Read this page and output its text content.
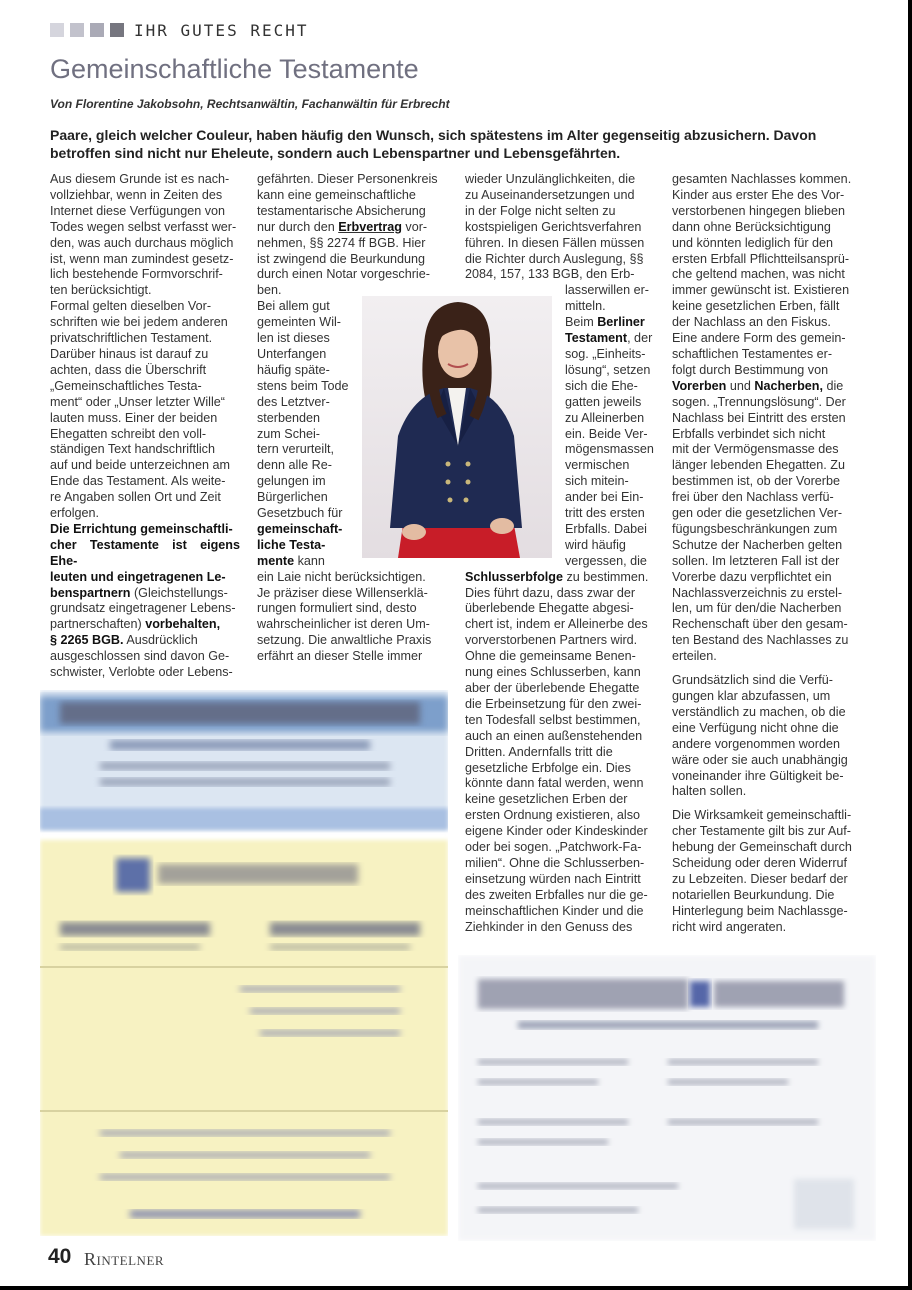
IHR GUTES RECHT
Gemeinschaftliche Testamente
Von Florentine Jakobsohn, Rechtsanwältin, Fachanwältin für Erbrecht
Paare, gleich welcher Couleur, haben häufig den Wunsch, sich spätestens im Alter gegenseitig abzusichern. Davon betroffen sind nicht nur Eheleute, sondern auch Lebenspartner und Lebensgefährten.

Aus diesem Grunde ist es nach-
vollziehbar, wenn in Zeiten des
Internet diese Verfügungen von
Todes wegen selbst verfasst wer-
den, was auch durchaus möglich
ist, wenn man zumindest gesetz-
lich bestehende Formvorschrif-
ten berücksichtigt.

Formal gelten dieselben Vor-
schriften wie bei jedem anderen
privatschriftlichen Testament.
Darüber hinaus ist darauf zu
achten, dass die Überschrift
„Gemeinschaftliches Testa-
ment“ oder „Unser letzter Wille“
lauten muss. Einer der beiden
Ehegatten schreibt den voll-
ständigen Text handschriftlich
auf und beide unterzeichnen am
Ende das Testament. Als weite-
re Angaben sollen Ort und Zeit
erfolgen.

Die Errichtung gemeinschaftli-
cher Testamente ist eigens Ehe-
leuten und eingetragenen Le-
benspartnern (Gleichstellungs-
grundsatz eingetragener Lebens-
partnerschaften) vorbehalten,
§ 2265 BGB. Ausdrücklich
ausgeschlossen sind davon Ge-
schwister, Verlobte oder Lebens-

gefährten. Dieser Personenkreis
kann eine gemeinschaftliche
testamentarische Absicherung
nur durch den Erbvertrag vor-
nehmen, §§ 2274 ff BGB. Hier
ist zwingend die Beurkundung
durch einen Notar vorgeschrie-
ben.

Bei allem gut
gemeinten Wil-
len ist dieses
Unterfangen
häufig späte-
stens beim Tode
des Letztver-
sterbenden
zum Schei-
tern verurteilt,
denn alle Re-
gelungen im
Bürgerlichen
Gesetzbuch für
gemeinschaft-
liche Testa-
mente kann
ein Laie nicht berücksichtigen.
Je präziser diese Willenserklä-
rungen formuliert sind, desto
wahrscheinlicher ist deren Um-
setzung. Die anwaltliche Praxis
erfährt an dieser Stelle immer

wieder Unzulänglichkeiten, die
zu Auseinandersetzungen und
in der Folge nicht selten zu
kostspieligen Gerichtsverfahren
führen. In diesen Fällen müssen
die Richter durch Auslegung, §§
2084, 157, 133 BGB, den Erb-

lasserwillen er-
mitteln.
Beim Berliner
Testament, der
sog. „Einheits-
lösung“, setzen
sich die Ehe-
gatten jeweils
zu Alleinerben
ein. Beide Ver-
mögensmassen
vermischen
sich mitein-
ander bei Ein-
tritt des ersten
Erbfalls. Dabei
wird häufig
vergessen, die

Schlusserbfolge zu bestimmen.
Dies führt dazu, dass zwar der
überlebende Ehegatte abgesi-
chert ist, indem er Alleinerbe des
vorverstorbenen Partners wird.
Ohne die gemeinsame Benen-
nung eines Schlusserben, kann
aber der überlebende Ehegatte
die Erbeinsetzung für den zwei-
ten Todesfall selbst bestimmen,
auch an einen außenstehenden
Dritten. Andernfalls tritt die
gesetzliche Erbfolge ein. Dies
könnte dann fatal werden, wenn
keine gesetzlichen Erben der
ersten Ordnung existieren, also
eigene Kinder oder Kindeskinder
oder bei sogen. „Patchwork-Fa-
milien“. Ohne die Schlusserben-
einsetzung würden nach Eintritt
des zweiten Erbfalles nur die ge-
meinschaftlichen Kinder und die
Ziehkinder in den Genuss des

gesamten Nachlasses kommen.
Kinder aus erster Ehe des Vor-
verstorbenen hingegen blieben
dann ohne Berücksichtigung
und könnten lediglich für den
ersten Erbfall Pflichtteilsansprü-
che geltend machen, was nicht
immer gewünscht ist. Existieren
keine gesetzlichen Erben, fällt
der Nachlass an den Fiskus.

Eine andere Form des gemein-
schaftlichen Testamentes er-
folgt durch Bestimmung von
Vorerben und Nacherben, die
sogen. „Trennungslösung“. Der
Nachlass bei Eintritt des ersten
Erbfalls verbindet sich nicht
mit der Vermögensmasse des
länger lebenden Ehegatten. Zu
bestimmen ist, ob der Vorerbe
frei über den Nachlass verfü-
gen oder die gesetzlichen Ver-
fügungsbeschränkungen zum
Schutze der Nacherben gelten
sollen. Im letzteren Fall ist der
Vorerbe dazu verpflichtet ein
Nachlassverzeichnis zu erstel-
len, um für den/die Nacherben
Rechenschaft über den gesam-
ten Bestand des Nachlasses zu
erteilen.

Grundsätzlich sind die Verfü-
gungen klar abzufassen, um
verständlich zu machen, ob die
eine Verfügung nicht ohne die
andere vorgenommen worden
wäre oder sie auch unabhängig
voneinander ihre Gültigkeit be-
halten sollen.

Die Wirksamkeit gemeinschaftli-
cher Testamente gilt bis zur Auf-
hebung der Gemeinschaft durch
Scheidung oder deren Widerruf
zu Lebzeiten. Dieser bedarf der
notariellen Beurkundung. Die
Hinterlegung beim Nachlassge-
richt wird angeraten.

40 RINTELNER
